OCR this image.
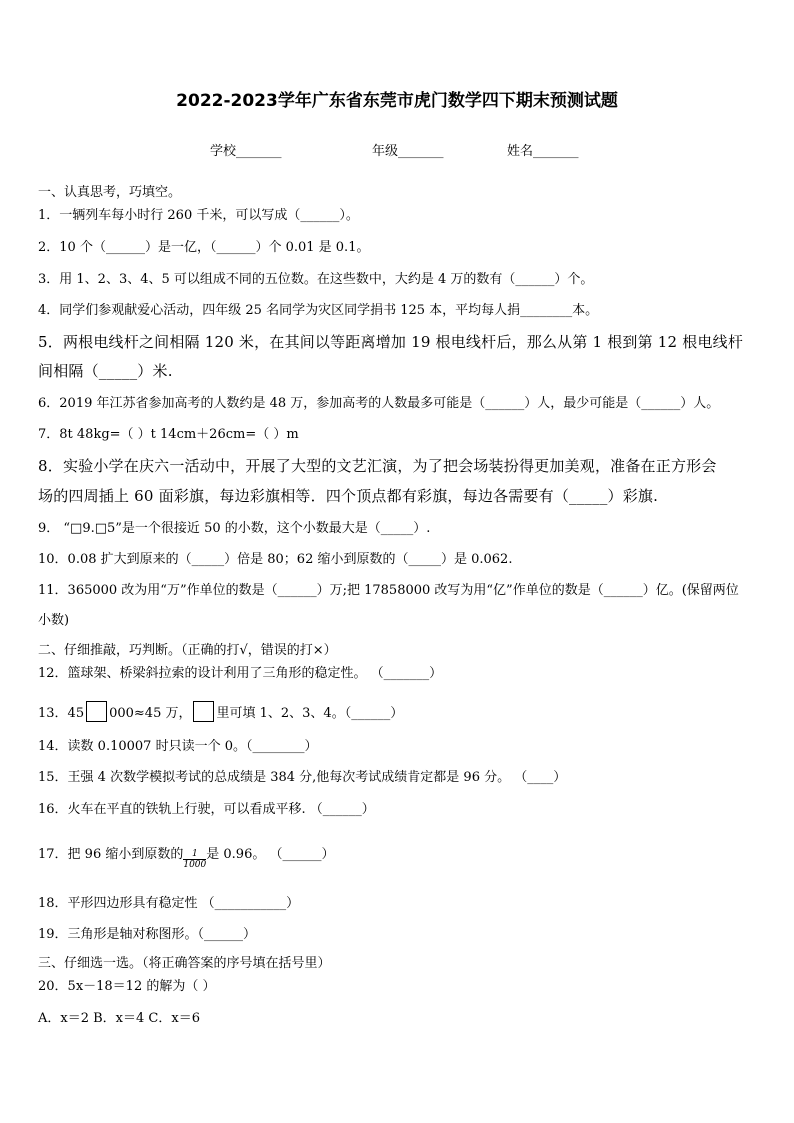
2022-2023学年广东省东莞市虎门数学四下期末预测试题
学校_______	年级_______	姓名_______
一、认真思考，巧填空。
1．一辆列车每小时行 260 千米，可以写成（______）。
2．10 个（______）是一亿，（______）个 0.01 是 0.1。
3．用 1、2、3、4、5 可以组成不同的五位数。在这些数中，大约是 4 万的数有（______）个。
4．同学们参观献爱心活动，四年级 25 名同学为灾区同学捐书 125 本，平均每人捐________本。
5．两根电线杆之间相隔 120 米，在其间以等距离增加 19 根电线杆后，那么从第 1 根到第 12 根电线杆
间相隔（_____）米.
6．2019 年江苏省参加高考的人数约是 48 万，参加高考的人数最多可能是（______）人，最少可能是（______）人。
7．8t 48kg=（ ）t 14cm＋26cm=（ ）m
8．实验小学在庆六一活动中，开展了大型的文艺汇演，为了把会场装扮得更加美观，准备在正方形会
场的四周插上 60 面彩旗，每边彩旗相等．四个顶点都有彩旗，每边各需要有（_____）彩旗.
9． “□9.□5”是一个很接近 50 的小数，这个小数最大是（_____）.
10．0.08 扩大到原来的（_____）倍是 80；62 缩小到原数的（_____）是 0.062.
11．365000 改为用“万”作单位的数是（______）万;把 17858000 改写为用“亿”作单位的数是（______）亿。(保留两位
小数)
二、仔细推敲，巧判断。（正确的打√，错误的打×）
12．篮球架、桥梁斜拉索的设计利用了三角形的稳定性。 （_______）
13．45 000≈45 万， 里可填 1、2、3、4。（______）
14．读数 0.10007 时只读一个 0。（________）
15．王强 4 次数学模拟考试的总成绩是 384 分,他每次考试成绩肯定都是 96 分。 （____）
16．火车在平直的铁轨上行驶，可以看成平移. （______）
17．把 96 缩小到原数的 $\frac{1}{1000}$ 是 0.96。 （______）
18．平形四边形具有稳定性 （___________）
19．三角形是轴对称图形。（______）
三、仔细选一选。（将正确答案的序号填在括号里）
20．5x－18＝12 的解为（ ）
A．x＝2 B．x＝4 C．x＝6
